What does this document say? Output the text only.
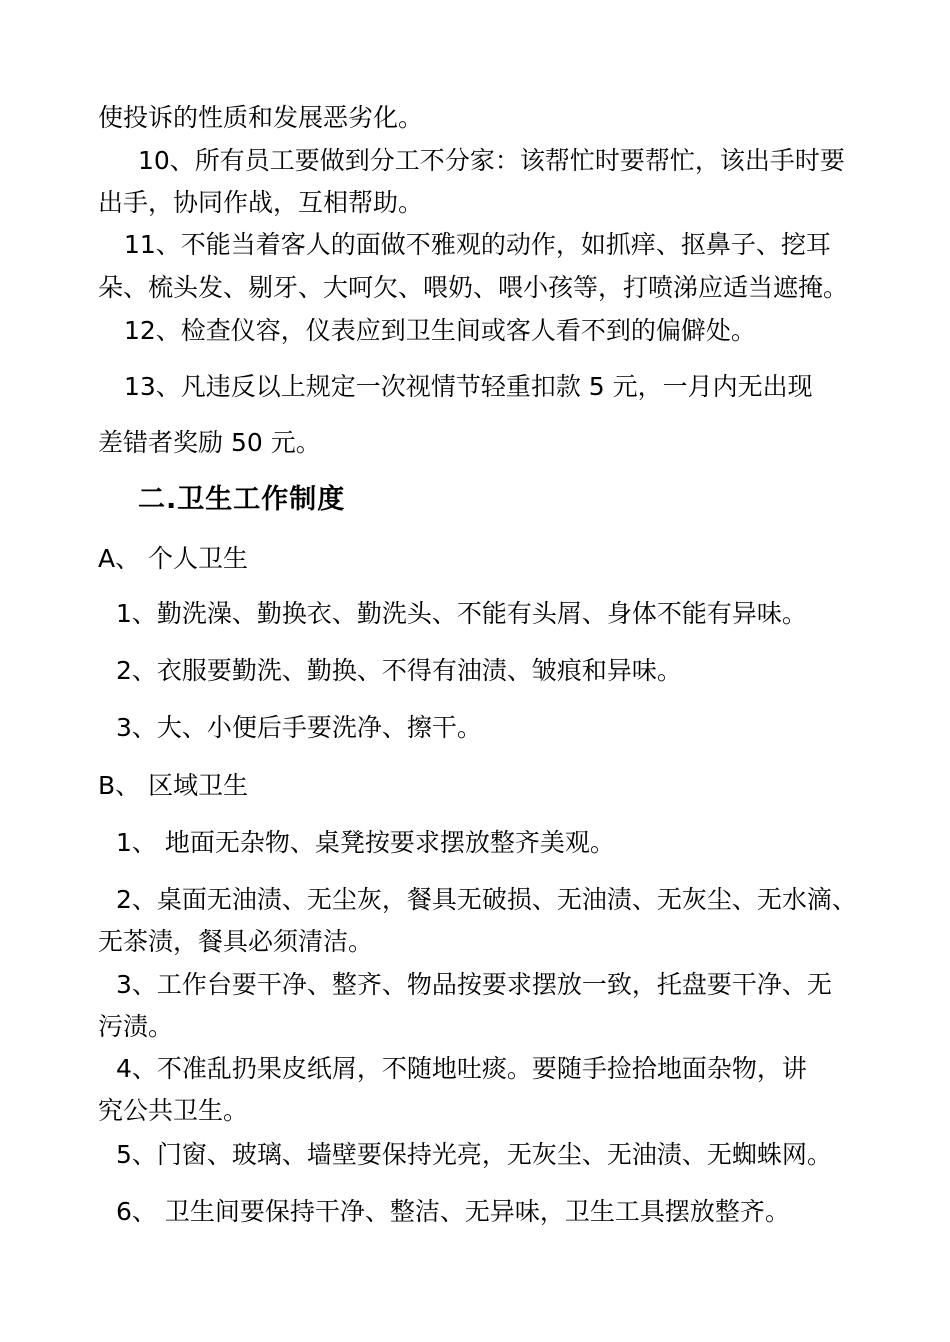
使投诉的性质和发展恶劣化。
10、所有员工要做到分工不分家：该帮忙时要帮忙，该出手时要
出手，协同作战，互相帮助。
11、不能当着客人的面做不雅观的动作，如抓痒、抠鼻子、挖耳
朵、梳头发、剔牙、大呵欠、喂奶、喂小孩等，打喷涕应适当遮掩。
12、检查仪容，仪表应到卫生间或客人看不到的偏僻处。
13、凡违反以上规定一次视情节轻重扣款 5 元，一月内无出现
差错者奖励 50 元。
二.卫生工作制度
A、 个人卫生
1、勤洗澡、勤换衣、勤洗头、不能有头屑、身体不能有异味。
2、衣服要勤洗、勤换、不得有油渍、皱痕和异味。
3、大、小便后手要洗净、擦干。
B、 区域卫生
1、 地面无杂物、桌凳按要求摆放整齐美观。
2、桌面无油渍、无尘灰，餐具无破损、无油渍、无灰尘、无水滴、
无茶渍，餐具必须清洁。
3、工作台要干净、整齐、物品按要求摆放一致，托盘要干净、无
污渍。
4、不准乱扔果皮纸屑，不随地吐痰。要随手捡拾地面杂物，讲
究公共卫生。
5、门窗、玻璃、墙壁要保持光亮，无灰尘、无油渍、无蜘蛛网。
6、 卫生间要保持干净、整洁、无异味，卫生工具摆放整齐。
